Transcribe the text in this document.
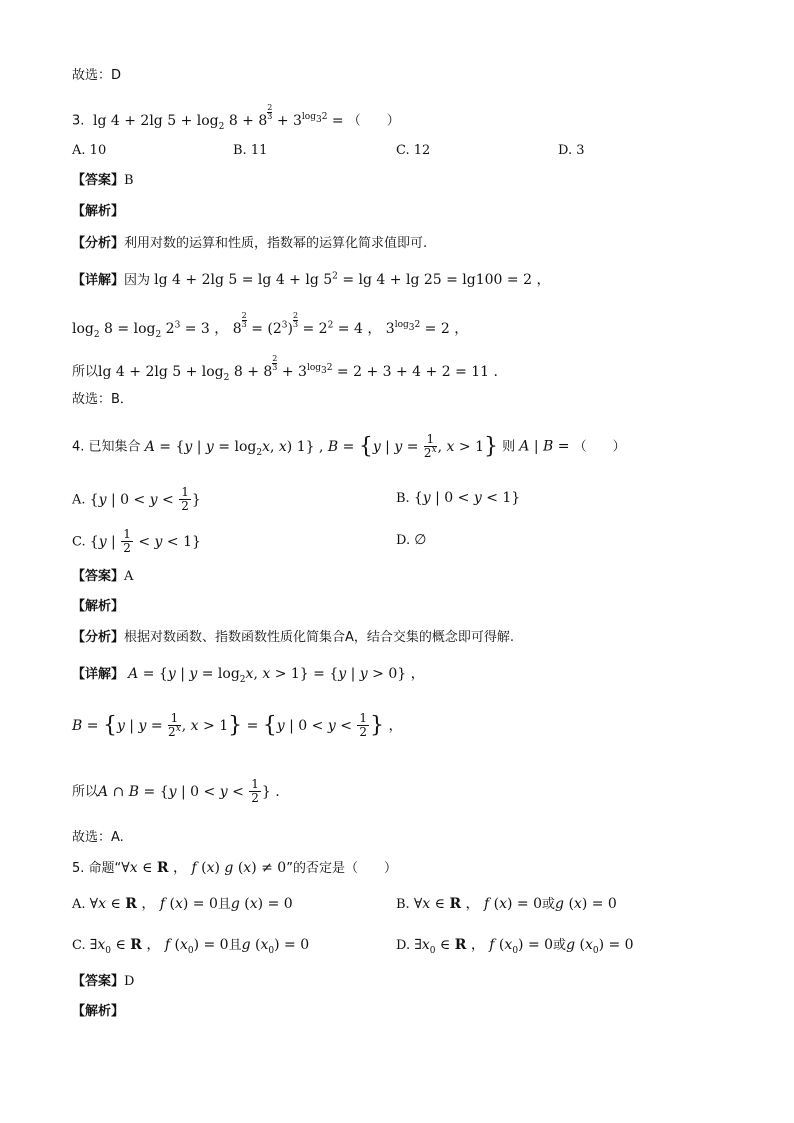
故选：D
3.  lg 4 + 2lg $5 + \log_2 8 + 8 \frac{2}{3} + 3^{log_32}$ = （　　）
A. 10	B. 11	C. 12	D. 3
【答案】B
【解析】
【分析】利用对数的运算和性质，指数幂的运算化简求值即可.
【详解】因为 lg 4 + 2lg $5 = \lg 4 + \lg 5^2 = \lg 4 + \lg 25 = \lg 100 = 2$ ，
$\log_2 8 = \log_2 2^3 = 3$ ， $8 \frac{2}{3} = (2^3) \frac{2}{3} = 2^2 = 4$ ， $3^{log_32} = 2$ ，
所以lg 4 + 2lg $5 + \log_2 8 + 8 \frac{2}{3} + 3^{log_32} = 2 + 3 + 4 + 2 = 11$ .
故选：B．
4. 已知集合 A = {y | $y = \log_2x$, x) 1} , B = {y | $y = \frac{1}{2^x}$ , x > 1} 则 A | B = （　　）
A. {y | $0 < y < \frac{1}{2}$ }	B. {y | 0 < y < 1}
C. {y | $\frac{1}{2} < y < 1$}	D. ∅
【答案】A
【解析】
【分析】根据对数函数、指数函数性质化简集合A，结合交集的概念即可得解.
【详解】 A = {y | $y = \log_2x$, x > 1} = {y | y > 0} ，
B = {y | $y = \frac{1}{2^x}$ , x > 1} = {y | $0 < y < \frac{1}{2}$ } ，
所以A ∩ B = {y | $0 < y < \frac{1}{2}$ } .
故选：A.
5. 命题“∀x ∈ R ， f (x) g (x) ≠ 0”的否定是（　　）
A. ∀x ∈ R ， f (x) = 0且g (x) = 0	B. ∀x ∈ R ， f (x) = 0或g (x) = 0
C. $\exists x_0$ ∈ R ， f $(x_0) = 0$且g $(x_0) = 0$	D. $\exists x_0$ ∈ R ， f $(x_0) = 0$或g $(x_0) = 0$
【答案】D
【解析】
